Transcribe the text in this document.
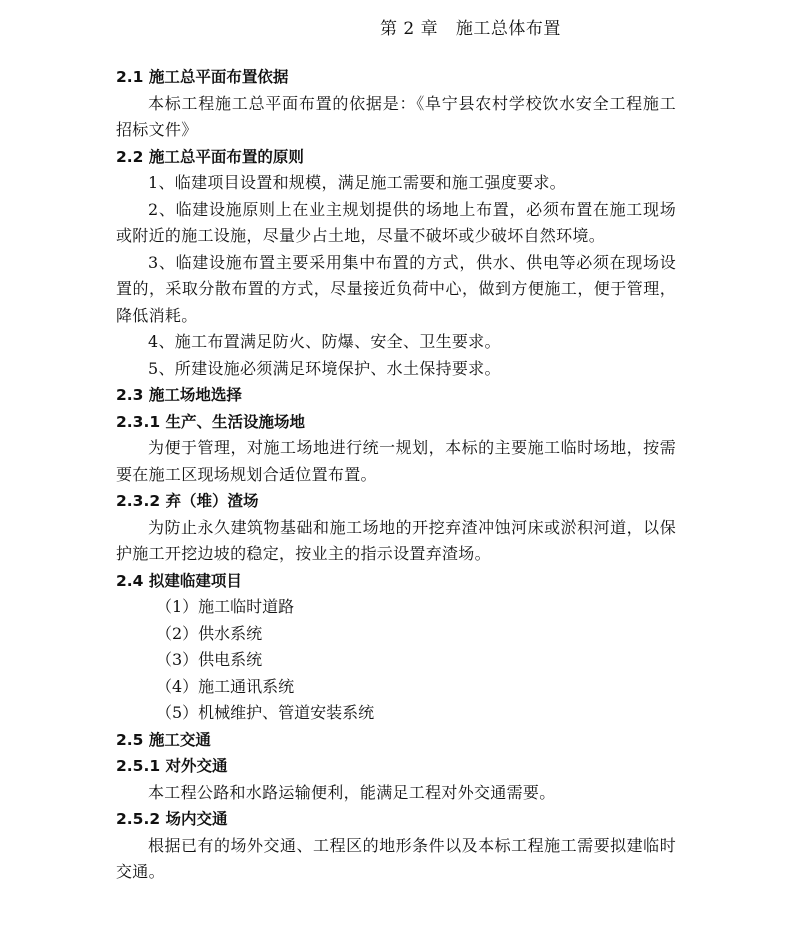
第 2 章   施工总体布置
2.1 施工总平面布置依据
本标工程施工总平面布置的依据是：《阜宁县农村学校饮水安全工程施工招标文件》
2.2 施工总平面布置的原则
1、临建项目设置和规模，满足施工需要和施工强度要求。
2、临建设施原则上在业主规划提供的场地上布置，必须布置在施工现场或附近的施工设施，尽量少占土地，尽量不破坏或少破坏自然环境。
3、临建设施布置主要采用集中布置的方式，供水、供电等必须在现场设置的，采取分散布置的方式，尽量接近负荷中心，做到方便施工，便于管理，降低消耗。
4、施工布置满足防火、防爆、安全、卫生要求。
5、所建设施必须满足环境保护、水土保持要求。
2.3 施工场地选择
2.3.1 生产、生活设施场地
为便于管理，对施工场地进行统一规划，本标的主要施工临时场地，按需要在施工区现场规划合适位置布置。
2.3.2 弃（堆）渣场
为防止永久建筑物基础和施工场地的开挖弃渣冲蚀河床或淤积河道，以保护施工开挖边坡的稳定，按业主的指示设置弃渣场。
2.4 拟建临建项目
（1）施工临时道路
（2）供水系统
（3）供电系统
（4）施工通讯系统
（5）机械维护、管道安装系统
2.5 施工交通
2.5.1 对外交通
本工程公路和水路运输便利，能满足工程对外交通需要。
2.5.2 场内交通
根据已有的场外交通、工程区的地形条件以及本标工程施工需要拟建临时交通。
